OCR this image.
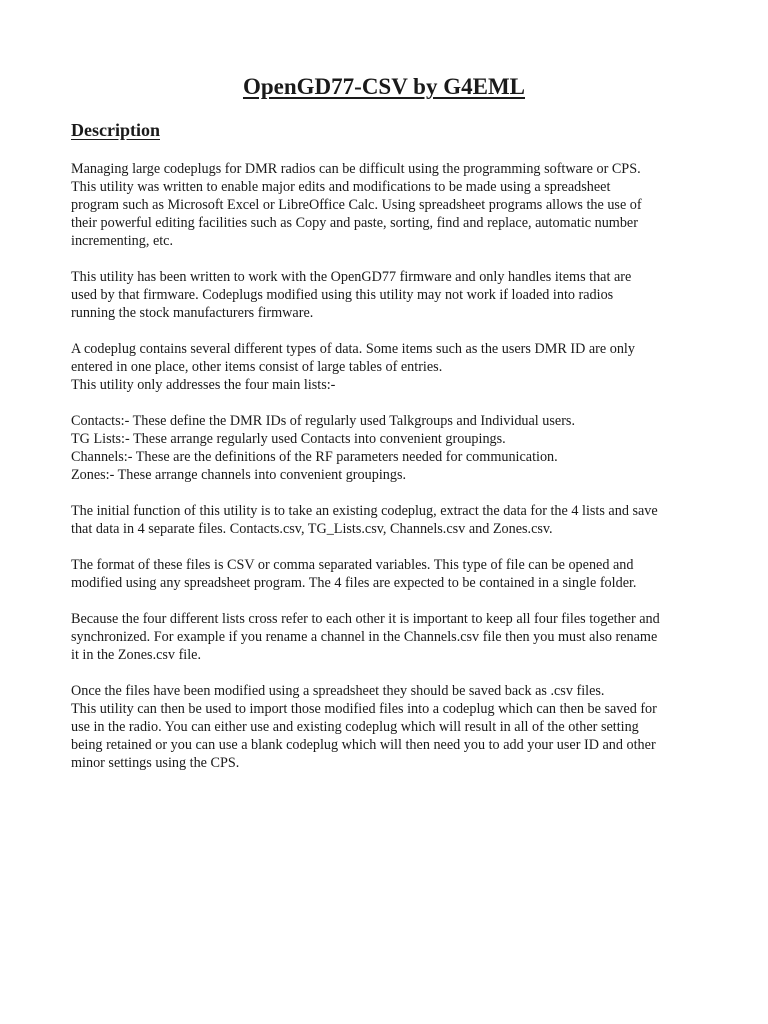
OpenGD77-CSV by G4EML
Description

Managing large codeplugs for DMR radios can be difficult using the programming software or CPS.
This utility was written to enable major edits and modifications to be made using a spreadsheet
program such as Microsoft Excel or LibreOffice Calc. Using spreadsheet programs allows the use of
their powerful editing facilities such as Copy and paste, sorting, find and replace, automatic number
incrementing, etc.

This utility has been written to work with the OpenGD77 firmware and only handles items that are
used by that firmware. Codeplugs modified using this utility may not work if loaded into radios
running the stock manufacturers firmware.

A codeplug contains several different types of data. Some items such as the users DMR ID are only
entered in one place, other items consist of large tables of entries.
This utility only addresses the four main lists:-

Contacts:- These define the DMR IDs of regularly used Talkgroups and Individual users.
TG Lists:- These arrange regularly used Contacts into convenient groupings.
Channels:- These are the definitions of the RF parameters needed for communication.
Zones:- These arrange channels into convenient groupings.

The initial function of this utility is to take an existing codeplug, extract the data for the 4 lists and save
that data in 4 separate files. Contacts.csv, TG_Lists.csv, Channels.csv and Zones.csv.

The format of these files is CSV or comma separated variables. This type of file can be opened and
modified using any spreadsheet program. The 4 files are expected to be contained in a single folder.

Because the four different lists cross refer to each other it is important to keep all four files together and
synchronized. For example if you rename a channel in the Channels.csv file then you must also rename
it in the Zones.csv file.

Once the files have been modified using a spreadsheet they should be saved back as .csv files.
This utility can then be used to import those modified files into a codeplug which can then be saved for
use in the radio. You can either use and existing codeplug which will result in all of the other setting
being retained or you can use a blank codeplug which will then need you to add your user ID and other
minor settings using the CPS.
